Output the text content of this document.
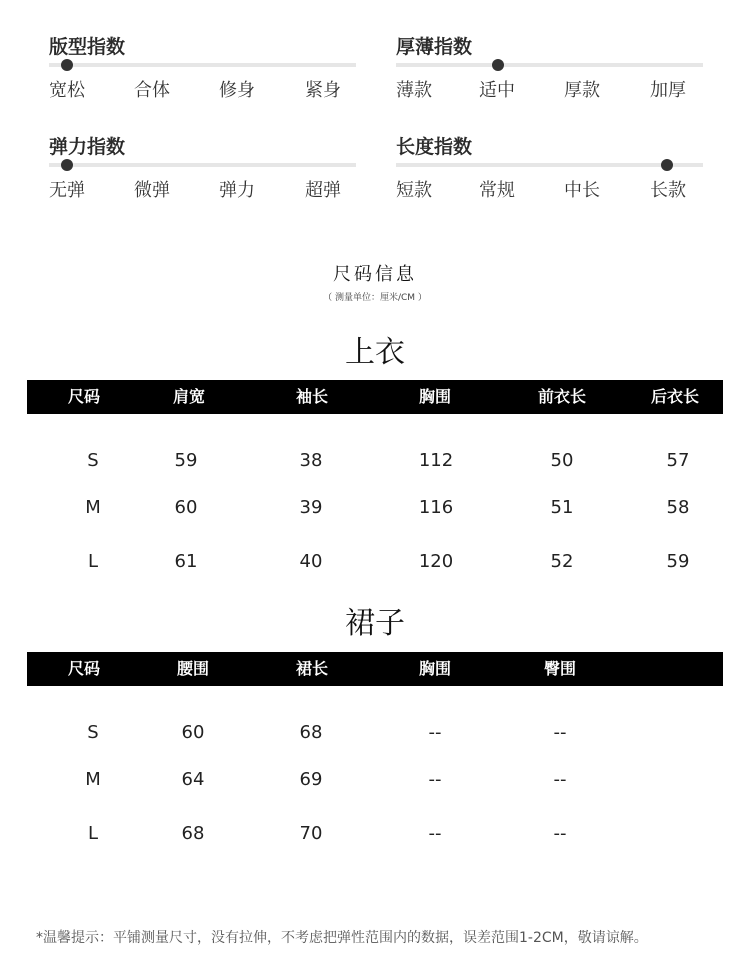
版型指数
宽松	合体	修身	紧身
厚薄指数
薄款	适中	厚款	加厚
弹力指数
无弹	微弹	弹力	超弹
长度指数
短款	常规	中长	长款
尺码信息
（ 测量单位：厘米/CM ）
上衣
尺码	肩宽	袖长	胸围	前衣长	后衣长
S	59	38	112	50	57
M	60	39	116	51	58
L	61	40	120	52	59
裙子
尺码	腰围	裙长	胸围	臀围
S	60	68	--	--
M	64	69	--	--
L	68	70	--	--
*温馨提示：平铺测量尺寸，没有拉伸，不考虑把弹性范围内的数据，误差范围1-2CM，敬请谅解。
